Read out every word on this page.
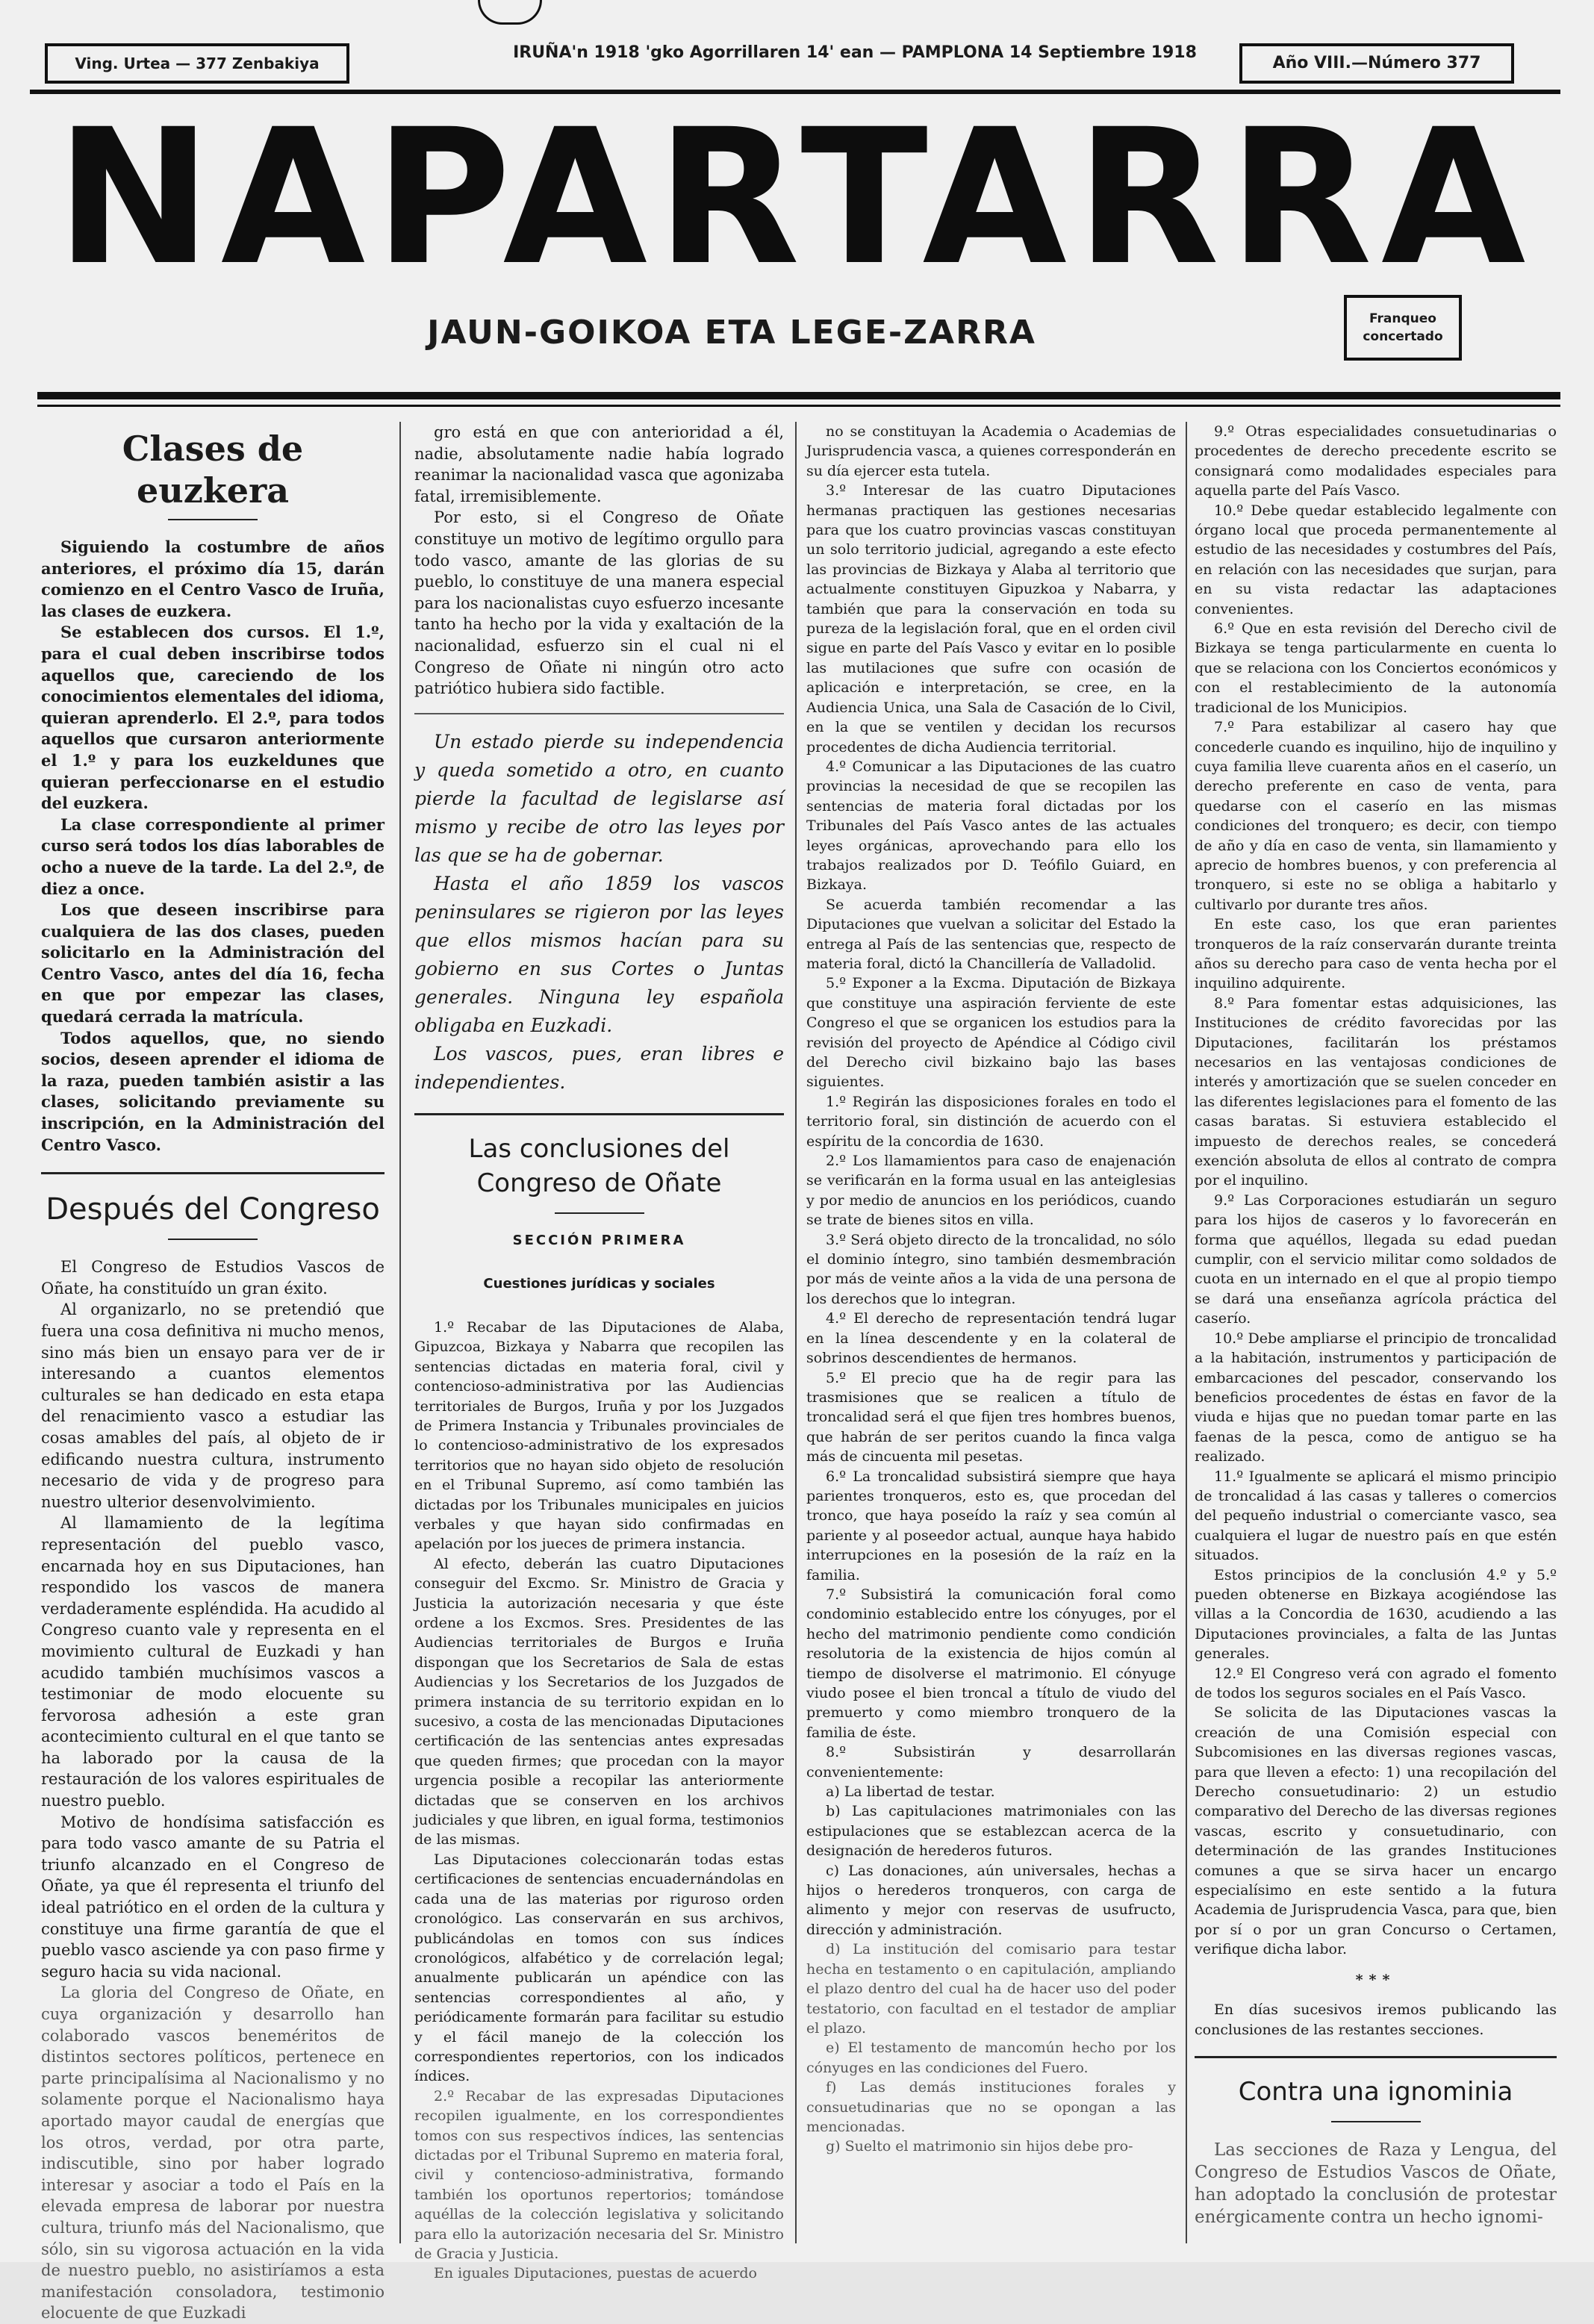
Ving. Urtea — 377 Zenbakiya
IRUÑA'n 1918 'gko Agorrillaren 14' ean — PAMPLONA 14 Septiembre 1918
Año VIII.—Número 377
NAPARTARRA
JAUN-GOIKOA ETA LEGE-ZARRA	Franqueo
concertado
Clases de euzkera

Siguiendo la costumbre de años anteriores, el próximo día 15, darán comienzo en el Centro Vasco de Iruña, las clases de euzkera.

Se establecen dos cursos. El 1.º, para el cual deben inscribirse todos aquellos que, careciendo de los conocimientos elementales del idioma, quieran aprenderlo. El 2.º, para todos aquellos que cursaron anteriormente el 1.º y para los euzkeldunes que quieran perfeccionarse en el estudio del euzkera.

La clase correspondiente al primer curso será todos los días laborables de ocho a nueve de la tarde. La del 2.º, de diez a once.

Los que deseen inscribirse para cualquiera de las dos clases, pueden solicitarlo en la Administración del Centro Vasco, antes del día 16, fecha en que por empezar las clases, quedará cerrada la matrícula.

Todos aquellos, que, no siendo socios, deseen aprender el idioma de la raza, pueden también asistir a las clases, solicitando previamente su inscripción, en la Administración del Centro Vasco.

Después del Congreso

El Congreso de Estudios Vascos de Oñate, ha constituído un gran éxito.

Al organizarlo, no se pretendió que fuera una cosa definitiva ni mucho menos, sino más bien un ensayo para ver de ir interesando a cuantos elementos culturales se han dedicado en esta etapa del renacimiento vasco a estudiar las cosas amables del país, al objeto de ir edificando nuestra cultura, instrumento necesario de vida y de progreso para nuestro ulterior desenvolvimiento.

Al llamamiento de la legítima representación del pueblo vasco, encarnada hoy en sus Diputaciones, han respondido los vascos de manera verdaderamente espléndida. Ha acudido al Congreso cuanto vale y representa en el movimiento cultural de Euzkadi y han acudido también muchísimos vascos a testimoniar de modo elocuente su fervorosa adhesión a este gran acontecimiento cultural en el que tanto se ha laborado por la causa de la restauración de los valores espirituales de nuestro pueblo.

Motivo de hondísima satisfacción es para todo vasco amante de su Patria el triunfo alcanzado en el Congreso de Oñate, ya que él representa el triunfo del ideal patriótico en el orden de la cultura y constituye una firme garantía de que el pueblo vasco asciende ya con paso firme y seguro hacia su vida nacional.

La gloria del Congreso de Oñate, en cuya organización y desarrollo han colaborado vascos beneméritos de distintos sectores políticos, pertenece en parte principalísima al Nacionalismo y no solamente porque el Nacionalismo haya aportado mayor caudal de energías que los otros, verdad, por otra parte, indiscutible, sino por haber logrado interesar y asociar a todo el País en la elevada empresa de laborar por nuestra cultura, triunfo más del Nacionalismo, que sólo, sin su vigorosa actuación en la vida de nuestro pueblo, no asistiríamos a esta manifestación consoladora, testimonio elocuente de que Euzkadi

gro está en que con anterioridad a él, nadie, absolutamente nadie había logrado reanimar la nacionalidad vasca que agonizaba fatal, irremisiblemente.

Por esto, si el Congreso de Oñate constituye un motivo de legítimo orgullo para todo vasco, amante de las glorias de su pueblo, lo constituye de una manera especial para los nacionalistas cuyo esfuerzo incesante tanto ha hecho por la vida y exaltación de la nacionalidad, esfuerzo sin el cual ni el Congreso de Oñate ni ningún otro acto patriótico hubiera sido factible.

Un estado pierde su independencia y queda sometido a otro, en cuanto pierde la facultad de legislarse así mismo y recibe de otro las leyes por las que se ha de gobernar.

Hasta el año 1859 los vascos peninsulares se rigieron por las leyes que ellos mismos hacían para su gobierno en sus Cortes o Juntas generales. Ninguna ley española obligaba en Euzkadi.

Los vascos, pues, eran libres e independientes.

Las conclusiones del Congreso de Oñate
SECCIÓN PRIMERA
Cuestiones jurídicas y sociales

1.º Recabar de las Diputaciones de Alaba, Gipuzcoa, Bizkaya y Nabarra que recopilen las sentencias dictadas en materia foral, civil y contencioso-administrativa por las Audiencias territoriales de Burgos, Iruña y por los Juzgados de Primera Instancia y Tribunales provinciales de lo contencioso-administrativo de los expresados territorios que no hayan sido objeto de resolución en el Tribunal Supremo, así como también las dictadas por los Tribunales municipales en juicios verbales y que hayan sido confirmadas en apelación por los jueces de primera instancia.

Al efecto, deberán las cuatro Diputaciones conseguir del Excmo. Sr. Ministro de Gracia y Justicia la autorización necesaria y que éste ordene a los Excmos. Sres. Presidentes de las Audiencias territoriales de Burgos e Iruña dispongan que los Secretarios de Sala de estas Audiencias y los Secretarios de los Juzgados de primera instancia de su territorio expidan en lo sucesivo, a costa de las mencionadas Diputaciones certificación de las sentencias antes expresadas que queden firmes; que procedan con la mayor urgencia posible a recopilar las anteriormente dictadas que se conserven en los archivos judiciales y que libren, en igual forma, testimonios de las mismas.

Las Diputaciones coleccionarán todas estas certificaciones de sentencias encuadernándolas en cada una de las materias por riguroso orden cronológico. Las conservarán en sus archivos, publicándolas en tomos con sus índices cronológicos, alfabético y de correlación legal; anualmente publicarán un apéndice con las sentencias correspondientes al año, y periódicamente formarán para facilitar su estudio y el fácil manejo de la colección los correspondientes repertorios, con los indicados índices.

2.º Recabar de las expresadas Diputaciones recopilen igualmente, en los correspondientes tomos con sus respectivos índices, las sentencias dictadas por el Tribunal Supremo en materia foral, civil y contencioso-administrativa, formando también los oportunos repertorios; tomándose aquéllas de la colección legislativa y solicitando para ello la autorización necesaria del Sr. Ministro de Gracia y Justicia.

En iguales Diputaciones, puestas de acuerdo

no se constituyan la Academia o Academias de Jurisprudencia vasca, a quienes corresponderán en su día ejercer esta tutela.

3.º Interesar de las cuatro Diputaciones hermanas practiquen las gestiones necesarias para que los cuatro provincias vascas constituyan un solo territorio judicial, agregando a este efecto las provincias de Bizkaya y Alaba al territorio que actualmente constituyen Gipuzkoa y Nabarra, y también que para la conservación en toda su pureza de la legislación foral, que en el orden civil sigue en parte del País Vasco y evitar en lo posible las mutilaciones que sufre con ocasión de aplicación e interpretación, se cree, en la Audiencia Unica, una Sala de Casación de lo Civil, en la que se ventilen y decidan los recursos procedentes de dicha Audiencia territorial.

4.º Comunicar a las Diputaciones de las cuatro provincias la necesidad de que se recopilen las sentencias de materia foral dictadas por los Tribunales del País Vasco antes de las actuales leyes orgánicas, aprovechando para ello los trabajos realizados por D. Teófilo Guiard, en Bizkaya.

Se acuerda también recomendar a las Diputaciones que vuelvan a solicitar del Estado la entrega al País de las sentencias que, respecto de materia foral, dictó la Chancillería de Valladolid.

5.º Exponer a la Excma. Diputación de Bizkaya que constituye una aspiración ferviente de este Congreso el que se organicen los estudios para la revisión del proyecto de Apéndice al Código civil del Derecho civil bizkaino bajo las bases siguientes.

1.º Regirán las disposiciones forales en todo el territorio foral, sin distinción de acuerdo con el espíritu de la concordia de 1630.

2.º Los llamamientos para caso de enajenación se verificarán en la forma usual en las anteiglesias y por medio de anuncios en los periódicos, cuando se trate de bienes sitos en villa.

3.º Será objeto directo de la troncalidad, no sólo el dominio íntegro, sino también desmembración por más de veinte años a la vida de una persona de los derechos que lo integran.

4.º El derecho de representación tendrá lugar en la línea descendente y en la colateral de sobrinos descendientes de hermanos.

5.º El precio que ha de regir para las trasmisiones que se realicen a título de troncalidad será el que fijen tres hombres buenos, que habrán de ser peritos cuando la finca valga más de cincuenta mil pesetas.

6.º La troncalidad subsistirá siempre que haya parientes tronqueros, esto es, que procedan del tronco, que haya poseído la raíz y sea común al pariente y al poseedor actual, aunque haya habido interrupciones en la posesión de la raíz en la familia.

7.º Subsistirá la comunicación foral como condominio establecido entre los cónyuges, por el hecho del matrimonio pendiente como condición resolutoria de la existencia de hijos común al tiempo de disolverse el matrimonio. El cónyuge viudo posee el bien troncal a título de viudo del premuerto y como miembro tronquero de la familia de éste.

8.º Subsistirán y desarrollarán convenientemente:

a) La libertad de testar.

b) Las capitulaciones matrimoniales con las estipulaciones que se establezcan acerca de la designación de herederos futuros.

c) Las donaciones, aún universales, hechas a hijos o herederos tronqueros, con carga de alimento y mejor con reservas de usufructo, dirección y administración.

d) La institución del comisario para testar hecha en testamento o en capitulación, ampliando el plazo dentro del cual ha de hacer uso del poder testatorio, con facultad en el testador de ampliar el plazo.

e) El testamento de mancomún hecho por los cónyuges en las condiciones del Fuero.

f) Las demás instituciones forales y consuetudinarias que no se opongan a las mencionadas.

g) Suelto el matrimonio sin hijos debe pro-

9.º Otras especialidades consuetudinarias o procedentes de derecho precedente escrito se consignará como modalidades especiales para aquella parte del País Vasco.

10.º Debe quedar establecido legalmente con órgano local que proceda permanentemente al estudio de las necesidades y costumbres del País, en relación con las necesidades que surjan, para en su vista redactar las adaptaciones convenientes.

6.º Que en esta revisión del Derecho civil de Bizkaya se tenga particularmente en cuenta lo que se relaciona con los Conciertos económicos y con el restablecimiento de la autonomía tradicional de los Municipios.

7.º Para estabilizar al casero hay que concederle cuando es inquilino, hijo de inquilino y cuya familia lleve cuarenta años en el caserío, un derecho preferente en caso de venta, para quedarse con el caserío en las mismas condiciones del tronquero; es decir, con tiempo de año y día en caso de venta, sin llamamiento y aprecio de hombres buenos, y con preferencia al tronquero, si este no se obliga a habitarlo y cultivarlo por durante tres años.

En este caso, los que eran parientes tronqueros de la raíz conservarán durante treinta años su derecho para caso de venta hecha por el inquilino adquirente.

8.º Para fomentar estas adquisiciones, las Instituciones de crédito favorecidas por las Diputaciones, facilitarán los préstamos necesarios en las ventajosas condiciones de interés y amortización que se suelen conceder en las diferentes legislaciones para el fomento de las casas baratas. Si estuviera establecido el impuesto de derechos reales, se concederá exención absoluta de ellos al contrato de compra por el inquilino.

9.º Las Corporaciones estudiarán un seguro para los hijos de caseros y lo favorecerán en forma que aquéllos, llegada su edad puedan cumplir, con el servicio militar como soldados de cuota en un internado en el que al propio tiempo se dará una enseñanza agrícola práctica del caserío.

10.º Debe ampliarse el principio de troncalidad a la habitación, instrumentos y participación de embarcaciones del pescador, conservando los beneficios procedentes de éstas en favor de la viuda e hijas que no puedan tomar parte en las faenas de la pesca, como de antiguo se ha realizado.

11.º Igualmente se aplicará el mismo principio de troncalidad á las casas y talleres o comercios del pequeño industrial o comerciante vasco, sea cualquiera el lugar de nuestro país en que estén situados.

Estos principios de la conclusión 4.º y 5.º pueden obtenerse en Bizkaya acogiéndose las villas a la Concordia de 1630, acudiendo a las Diputaciones provinciales, a falta de las Juntas generales.

12.º El Congreso verá con agrado el fomento de todos los seguros sociales en el País Vasco.

Se solicita de las Diputaciones vascas la creación de una Comisión especial con Subcomisiones en las diversas regiones vascas, para que lleven a efecto: 1) una recopilación del Derecho consuetudinario: 2) un estudio comparativo del Derecho de las diversas regiones vascas, escrito y consuetudinario, con determinación de las grandes Instituciones comunes a que se sirva hacer un encargo especialísimo en este sentido a la futura Academia de Jurisprudencia Vasca, para que, bien por sí o por un gran Concurso o Certamen, verifique dicha labor.

***

En días sucesivos iremos publicando las conclusiones de las restantes secciones.

Contra una ignominia

Las secciones de Raza y Lengua, del Congreso de Estudios Vascos de Oñate, han adoptado la conclusión de protestar enérgicamente contra un hecho ignomi-
